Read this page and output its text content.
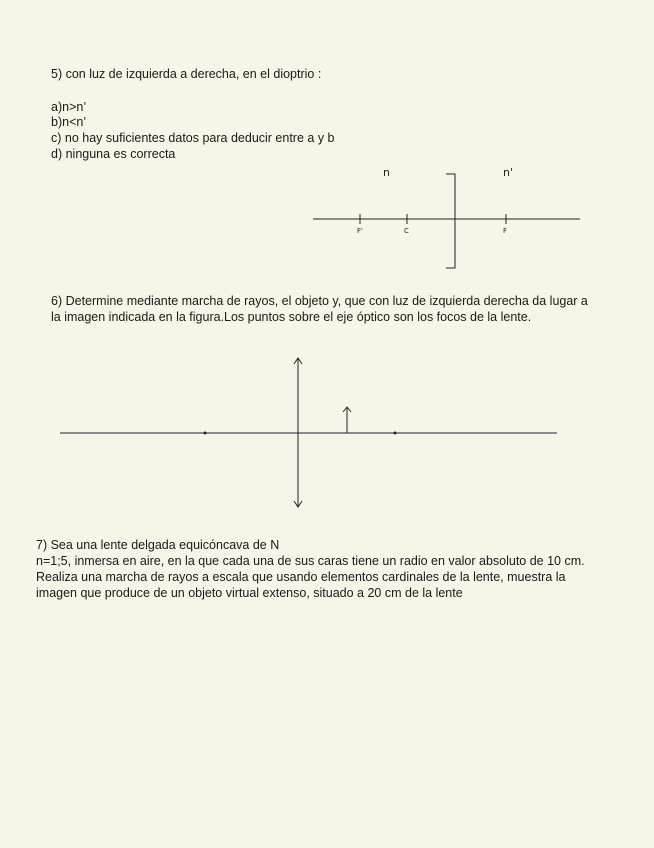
5) con luz de izquierda a derecha, en el dioptrio :
a)n>n’
b)n<n’
c) no hay suficientes datos para deducir entre a y b
d) ninguna es correcta
n	n'
F'	C	F
6) Determine mediante marcha de rayos, el objeto y, que con luz de izquierda derecha da lugar a
la imagen indicada en la figura.Los puntos sobre el eje óptico son los focos de la lente.
7) Sea una lente delgada equicóncava de N
n=1;5, inmersa en aire, en la que cada una de sus caras tiene un radio en valor absoluto de 10 cm.
Realiza una marcha de rayos a escala que usando elementos cardinales de la lente, muestra la
imagen que produce de un objeto virtual extenso, situado a 20 cm de la lente
